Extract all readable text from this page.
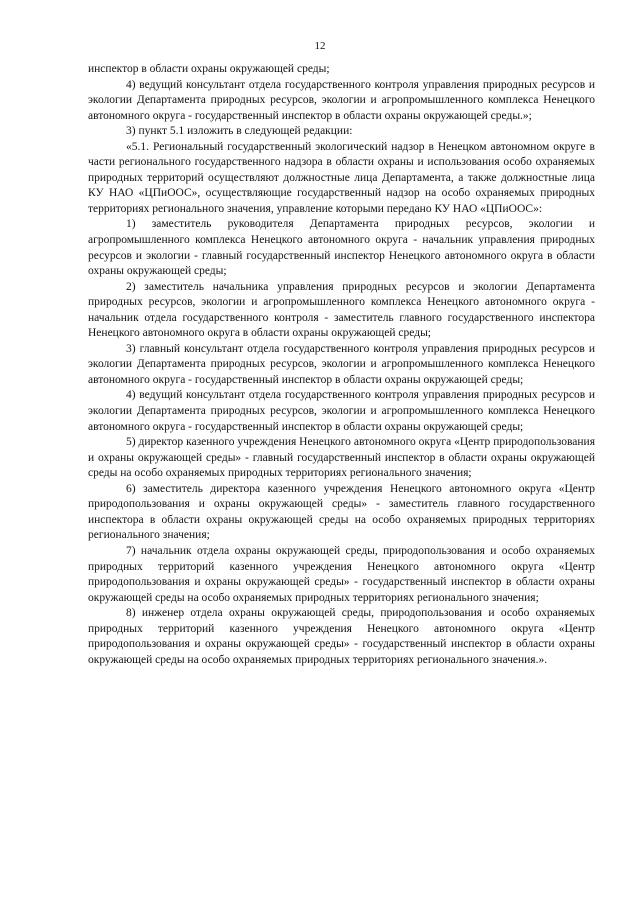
12

инспектор в области охраны окружающей среды;

4) ведущий консультант отдела государственного контроля управления природных ресурсов и экологии Департамента природных ресурсов, экологии и агропромышленного комплекса Ненецкого автономного округа - государственный инспектор в области охраны окружающей среды.»;

3) пункт 5.1 изложить в следующей редакции:

«5.1. Региональный государственный экологический надзор в Ненецком автономном округе в части регионального государственного надзора в области охраны и использования особо охраняемых природных территорий осуществляют должностные лица Департамента, а также должностные лица КУ НАО «ЦПиООС», осуществляющие государственный надзор на особо охраняемых природных территориях регионального значения, управление которыми передано КУ НАО «ЦПиООС»:

1) заместитель руководителя Департамента природных ресурсов, экологии и агропромышленного комплекса Ненецкого автономного округа - начальник управления природных ресурсов и экологии - главный государственный инспектор Ненецкого автономного округа в области охраны окружающей среды;

2) заместитель начальника управления природных ресурсов и экологии Департамента природных ресурсов, экологии и агропромышленного комплекса Ненецкого автономного округа - начальник отдела государственного контроля - заместитель главного государственного инспектора Ненецкого автономного округа в области охраны окружающей среды;

3) главный консультант отдела государственного контроля управления природных ресурсов и экологии Департамента природных ресурсов, экологии и агропромышленного комплекса Ненецкого автономного округа - государственный инспектор в области охраны окружающей среды;

4) ведущий консультант отдела государственного контроля управления природных ресурсов и экологии Департамента природных ресурсов, экологии и агропромышленного комплекса Ненецкого автономного округа - государственный инспектор в области охраны окружающей среды;

5) директор казенного учреждения Ненецкого автономного округа «Центр природопользования и охраны окружающей среды» - главный государственный инспектор в области охраны окружающей среды на особо охраняемых природных территориях регионального значения;

6) заместитель директора казенного учреждения Ненецкого автономного округа «Центр природопользования и охраны окружающей среды» - заместитель главного государственного инспектора в области охраны окружающей среды на особо охраняемых природных территориях регионального значения;

7) начальник отдела охраны окружающей среды, природопользования и особо охраняемых природных территорий казенного учреждения Ненецкого автономного округа «Центр природопользования и охраны окружающей среды» - государственный инспектор в области охраны окружающей среды на особо охраняемых природных территориях регионального значения;

8) инженер отдела охраны окружающей среды, природопользования и особо охраняемых природных территорий казенного учреждения Ненецкого автономного округа «Центр природопользования и охраны окружающей среды» - государственный инспектор в области охраны окружающей среды на особо охраняемых природных территориях регионального значения.».
